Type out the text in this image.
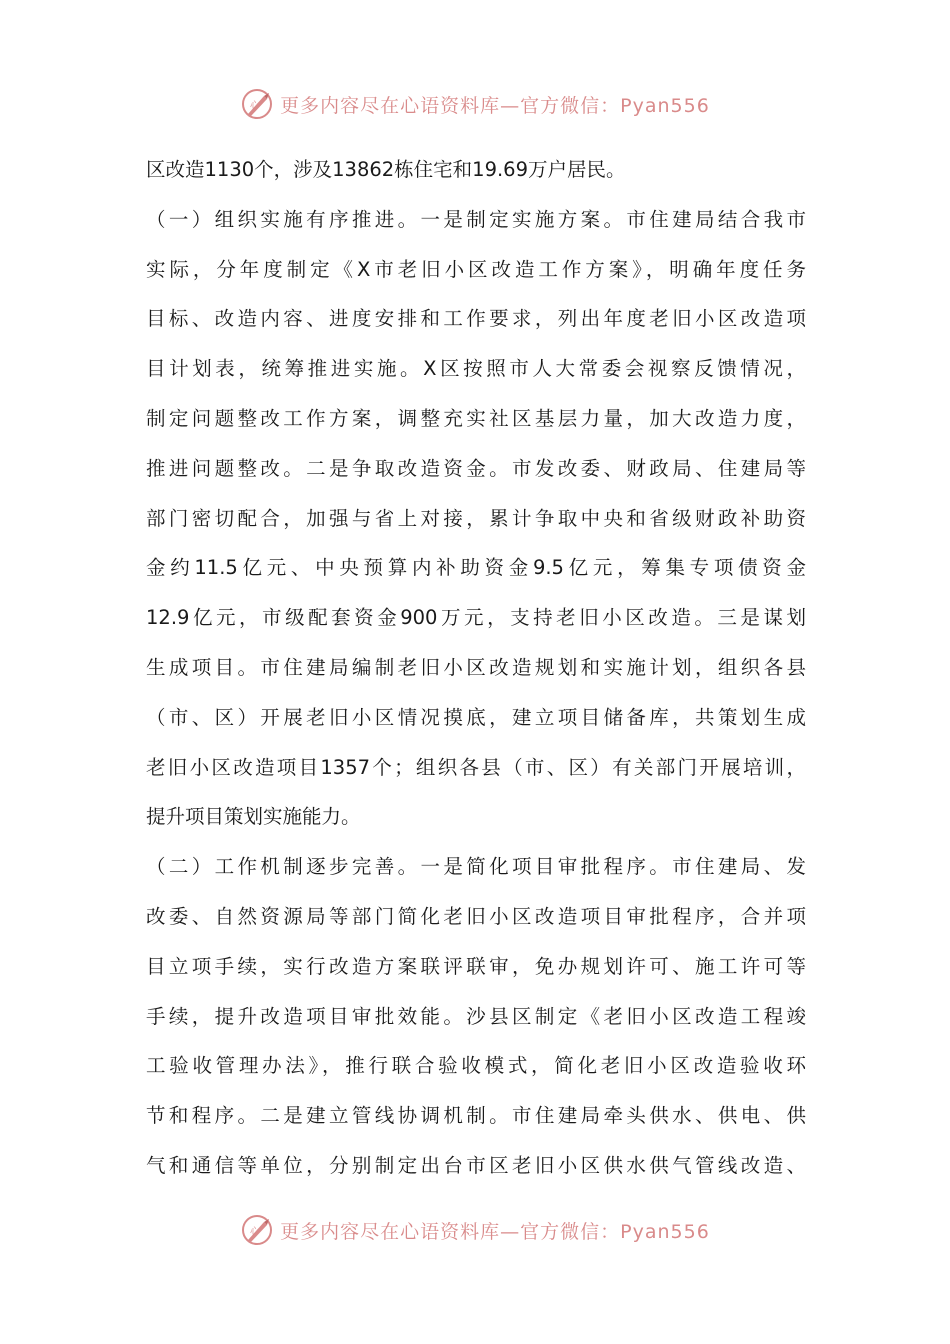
心 更多内容尽在心语资料库—官方微信：Pyan556
区改造1130个，涉及13862栋住宅和19.69万户居民。
（一）组织实施有序推进。一是制定实施方案。市住建局结合我市
实际，分年度制定《X市老旧小区改造工作方案》，明确年度任务
目标、改造内容、进度安排和工作要求，列出年度老旧小区改造项
目计划表，统筹推进实施。X区按照市人大常委会视察反馈情况，
制定问题整改工作方案，调整充实社区基层力量，加大改造力度，
推进问题整改。二是争取改造资金。市发改委、财政局、住建局等
部门密切配合，加强与省上对接，累计争取中央和省级财政补助资
金约11.5亿元、中央预算内补助资金9.5亿元，筹集专项债资金
12.9亿元，市级配套资金900万元，支持老旧小区改造。三是谋划
生成项目。市住建局编制老旧小区改造规划和实施计划，组织各县
（市、区）开展老旧小区情况摸底，建立项目储备库，共策划生成
老旧小区改造项目1357个；组织各县（市、区）有关部门开展培训，
提升项目策划实施能力。
（二）工作机制逐步完善。一是简化项目审批程序。市住建局、发
改委、自然资源局等部门简化老旧小区改造项目审批程序，合并项
目立项手续，实行改造方案联评联审，免办规划许可、施工许可等
手续，提升改造项目审批效能。沙县区制定《老旧小区改造工程竣
工验收管理办法》，推行联合验收模式，简化老旧小区改造验收环
节和程序。二是建立管线协调机制。市住建局牵头供水、供电、供
气和通信等单位，分别制定出台市区老旧小区供水供气管线改造、
心 更多内容尽在心语资料库—官方微信：Pyan556
